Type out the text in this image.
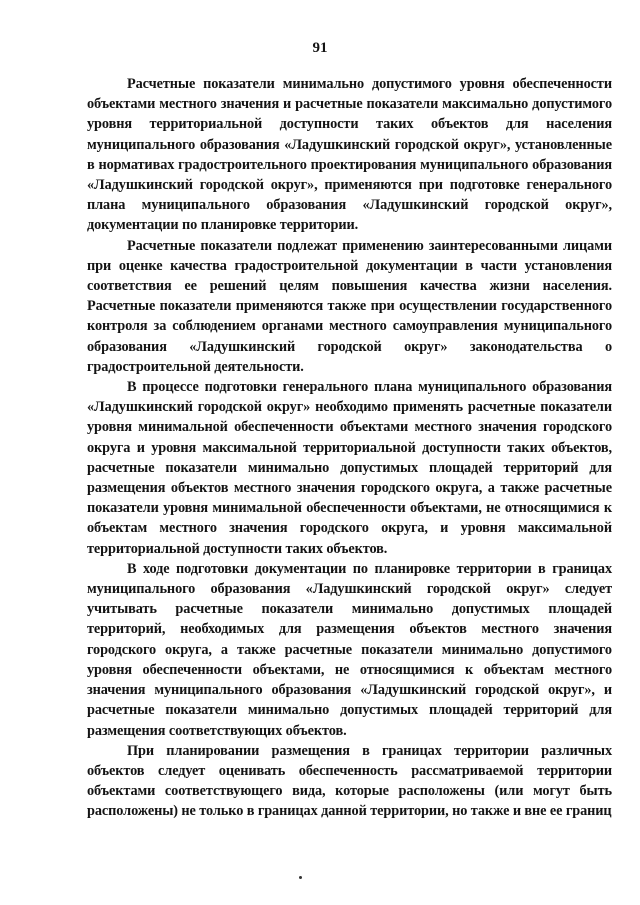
91

Расчетные показатели минимально допустимого уровня обеспеченности объектами местного значения и расчетные показатели максимально допустимого уровня территориальной доступности таких объектов для населения муниципального образования «Ладушкинский городской округ», установленные в нормативах градостроительного проектирования муниципального образования «Ладушкинский городской округ», применяются при подготовке генерального плана муниципального образования «Ладушкинский городской округ», документации по планировке территории.

Расчетные показатели подлежат применению заинтересованными лицами при оценке качества градостроительной документации в части установления соответствия ее решений целям повышения качества жизни населения. Расчетные показатели применяются также при осуществлении государственного контроля за соблюдением органами местного самоуправления муниципального образования «Ладушкинский городской округ» законодательства о градостроительной деятельности.

В процессе подготовки генерального плана муниципального образования «Ладушкинский городской округ» необходимо применять расчетные показатели уровня минимальной обеспеченности объектами местного значения городского округа и уровня максимальной территориальной доступности таких объектов, расчетные показатели минимально допустимых площадей территорий для размещения объектов местного значения городского округа, а также расчетные показатели уровня минимальной обеспеченности объектами, не относящимися к объектам местного значения городского округа, и уровня максимальной территориальной доступности таких объектов.

В ходе подготовки документации по планировке территории в границах муниципального образования «Ладушкинский городской округ» следует учитывать расчетные показатели минимально допустимых площадей территорий, необходимых для размещения объектов местного значения городского округа, а также расчетные показатели минимально допустимого уровня обеспеченности объектами, не относящимися к объектам местного значения муниципального образования «Ладушкинский городской округ», и расчетные показатели минимально допустимых площадей территорий для размещения соответствующих объектов.

При планировании размещения в границах территории различных объектов следует оценивать обеспеченность рассматриваемой территории объектами соответствующего вида, которые расположены (или могут быть расположены) не только в границах данной территории, но также и вне ее границ
